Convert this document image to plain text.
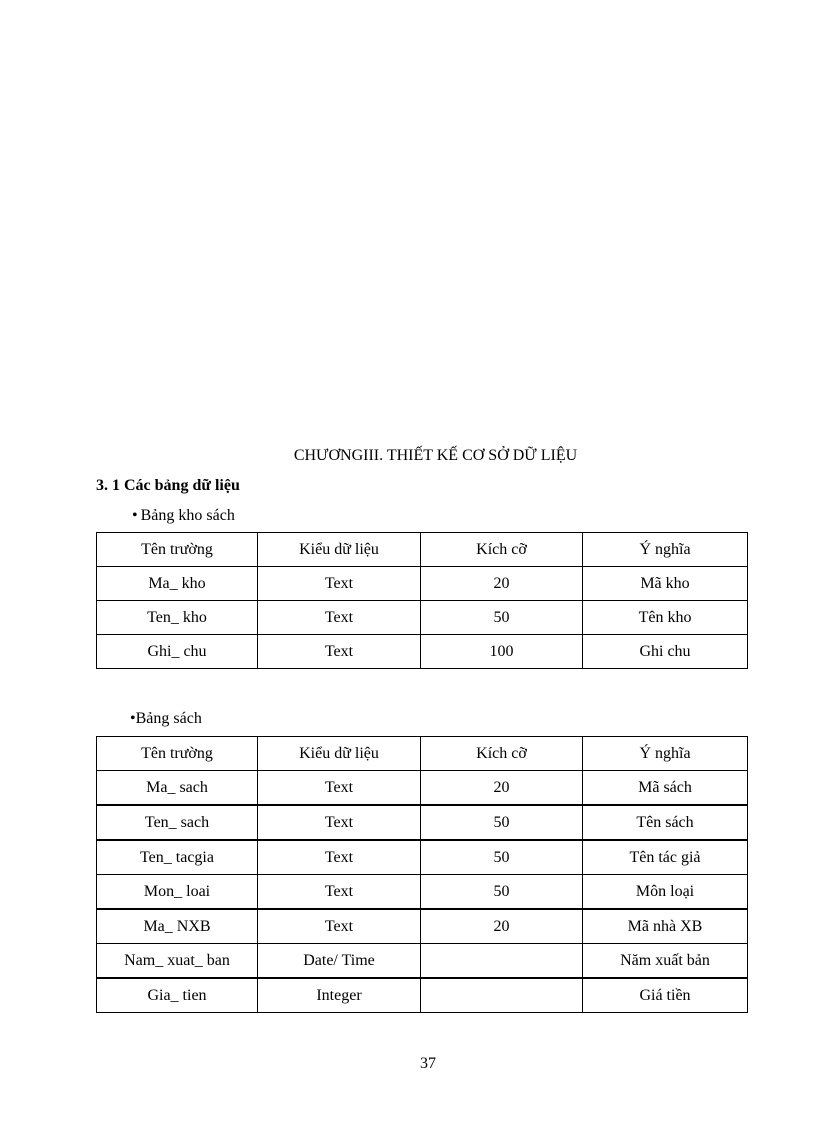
CHƯƠNGIII. THIẾT KẾ CƠ SỞ DỮ LIỆU
3. 1 Các bảng dữ liệu
• Bảng kho sách
Tên trường	Kiểu dữ liệu	Kích cỡ	Ý nghĩa
Ma_ kho	Text	20	Mã kho
Ten_ kho	Text	50	Tên kho
Ghi_ chu	Text	100	Ghi chu
•Bảng sách
Tên trường	Kiểu dữ liệu	Kích cỡ	Ý nghĩa
Ma_ sach	Text	20	Mã sách
Ten_ sach	Text	50	Tên sách
Ten_ tacgia	Text	50	Tên tác giả
Mon_ loai	Text	50	Môn loại
Ma_ NXB	Text	20	Mã nhà XB
Nam_ xuat_ ban	Date/ Time		Năm xuất bản
Gia_ tien	Integer		Giá tiền
37
